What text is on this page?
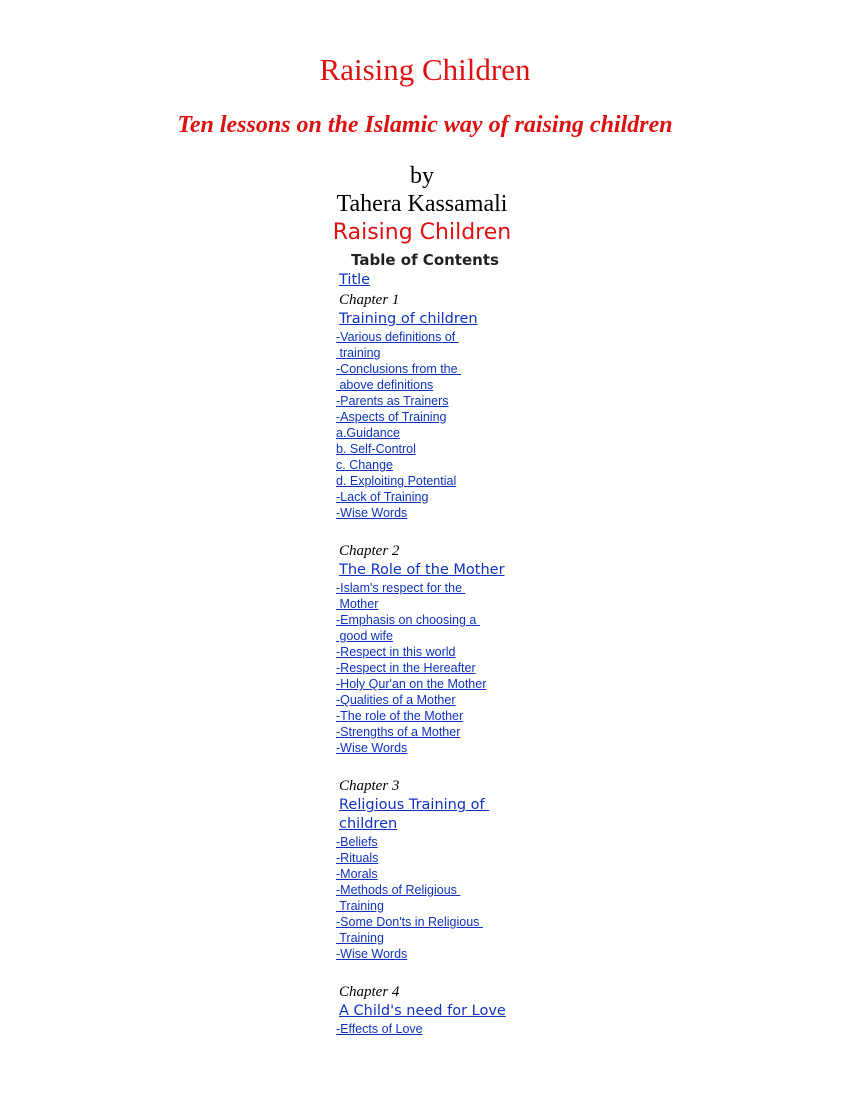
Raising Children
Ten lessons on the Islamic way of raising children
by
Tahera Kassamali
Raising Children
Table of Contents
Title
Chapter 1
Training of children
-Various definitions of
training
-Conclusions from the
above definitions
-Parents as Trainers
-Aspects of Training
a.Guidance
b. Self-Control
c. Change
d. Exploiting Potential
-Lack of Training
-Wise Words
Chapter 2
The Role of the Mother
-Islam's respect for the
Mother
-Emphasis on choosing a
good wife
-Respect in this world
-Respect in the Hereafter
-Holy Qur'an on the Mother
-Qualities of a Mother
-The role of the Mother
-Strengths of a Mother
-Wise Words
Chapter 3
Religious Training of
children
-Beliefs
-Rituals
-Morals
-Methods of Religious
Training
-Some Don'ts in Religious
Training
-Wise Words
Chapter 4
A Child's need for Love
-Effects of Love
